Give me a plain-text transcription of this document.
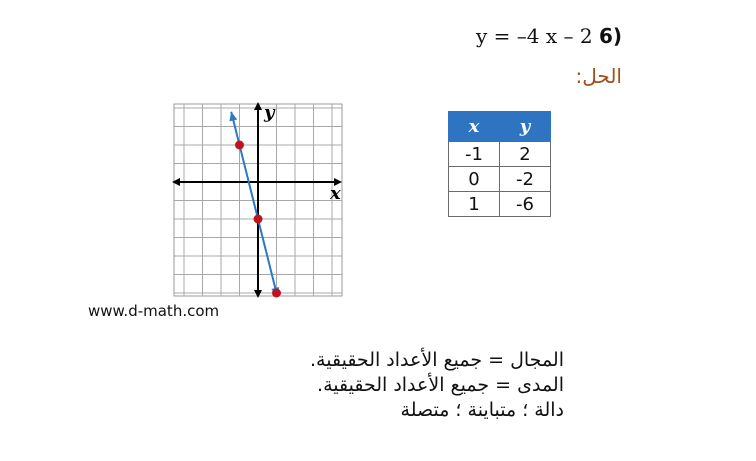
y = –4 x – 2 6)
الحل:
x	y
-1	2
0	-2
1	-6
x
y
www.d-math.com
المجال = جميع الأعداد الحقيقية.
المدى = جميع الأعداد الحقيقية.
دالة ؛ متباينة ؛ متصلة
